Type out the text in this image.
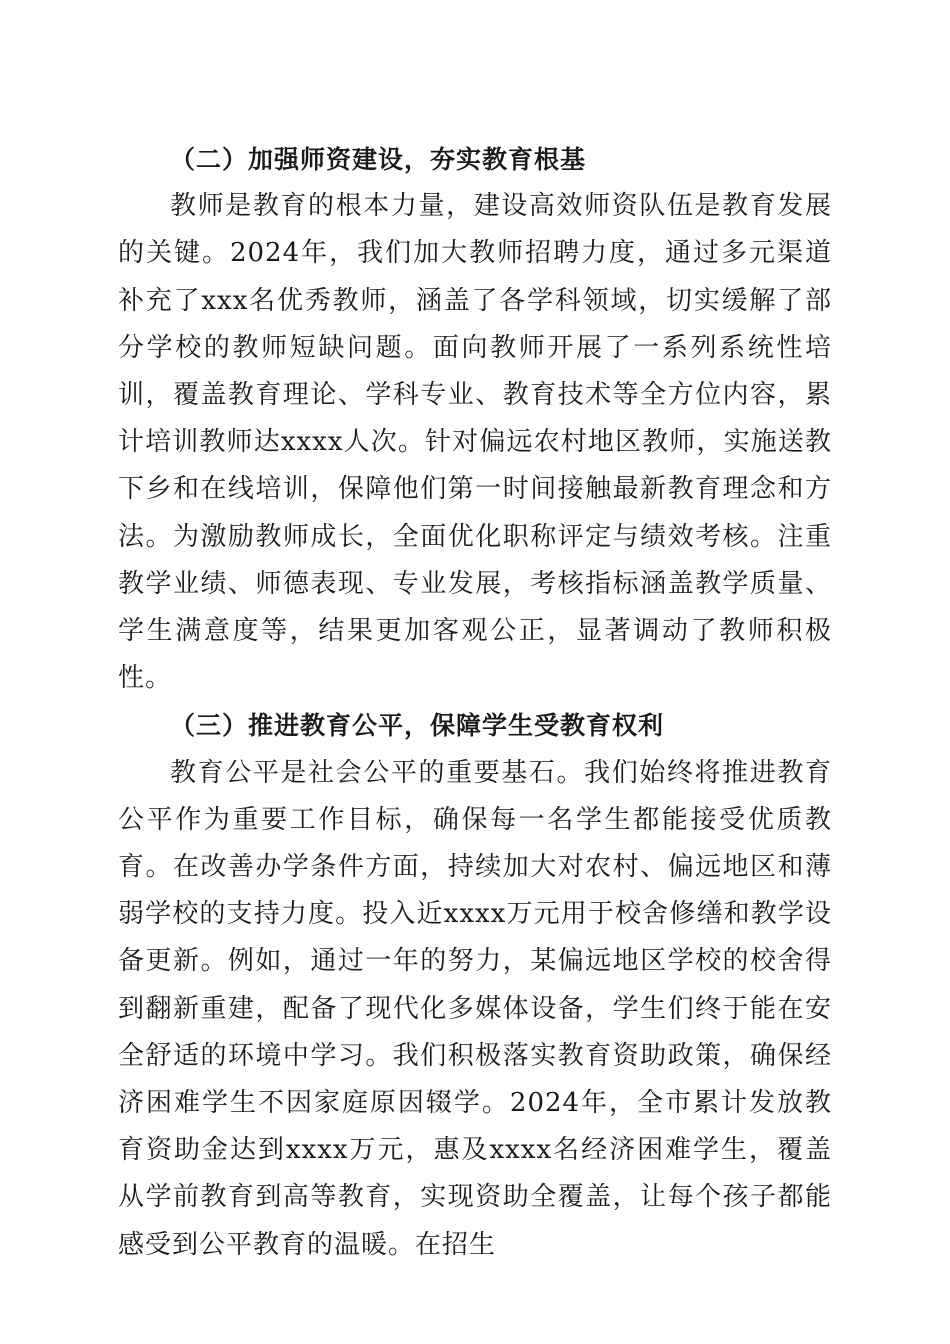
（二）加强师资建设，夯实教育根基

教师是教育的根本力量，建设高效师资队伍是教育发展的关键。2024年，我们加大教师招聘力度，通过多元渠道补充了xxx名优秀教师，涵盖了各学科领域，切实缓解了部分学校的教师短缺问题。面向教师开展了一系列系统性培训，覆盖教育理论、学科专业、教育技术等全方位内容，累计培训教师达xxxx人次。针对偏远农村地区教师，实施送教下乡和在线培训，保障他们第一时间接触最新教育理念和方法。为激励教师成长，全面优化职称评定与绩效考核。注重教学业绩、师德表现、专业发展，考核指标涵盖教学质量、学生满意度等，结果更加客观公正，显著调动了教师积极性。

（三）推进教育公平，保障学生受教育权利

教育公平是社会公平的重要基石。我们始终将推进教育公平作为重要工作目标，确保每一名学生都能接受优质教育。在改善办学条件方面，持续加大对农村、偏远地区和薄弱学校的支持力度。投入近xxxx万元用于校舍修缮和教学设备更新。例如，通过一年的努力，某偏远地区学校的校舍得到翻新重建，配备了现代化多媒体设备，学生们终于能在安全舒适的环境中学习。我们积极落实教育资助政策，确保经济困难学生不因家庭原因辍学。2024年，全市累计发放教育资助金达到xxxx万元，惠及xxxx名经济困难学生，覆盖从学前教育到高等教育，实现资助全覆盖，让每个孩子都能感受到公平教育的温暖。在招生
